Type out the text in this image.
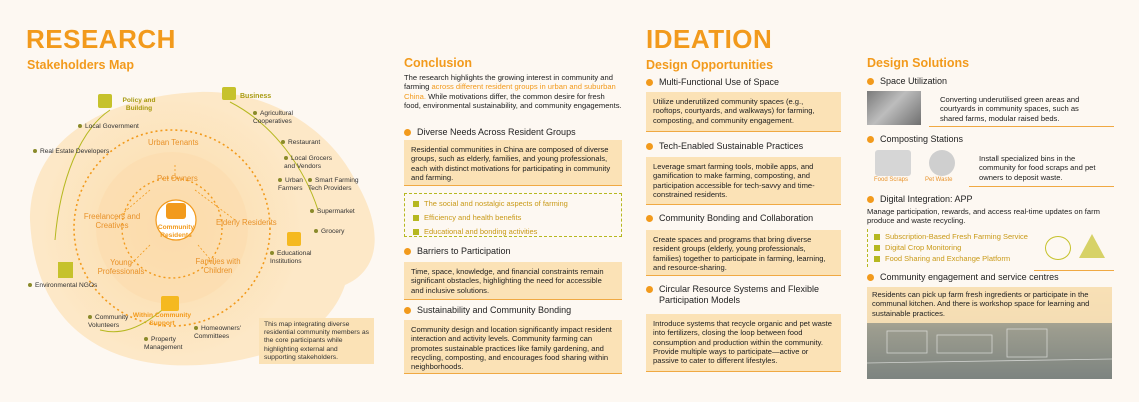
RESEARCH
Stakeholders Map
Policy and Building
Business
Within Community Support
Community Residents
Urban Tenants
Pet Owners
Freelancers and Creatives	Elderly Residents
Young Professionals
Families with Children
Local Government
Real Estate Developers
Agricultural Cooperatives
Restaurant
Local Grocers and Vendors
Urban Farmers
Smart Farming Tech Providers
Supermarket
Grocery
Educational Institutions
Environmental NGOs
Community Volunteers
Property Management
Homeowners' Committees
This map integrating diverse residential community members as the core participants while highlighting external and supporting stakeholders.
Conclusion
The research highlights the growing interest in community and farming across different resident groups in urban and suburban China. While motivations differ, the common desire for fresh food, environmental sustainability, and community engagements.
Diverse Needs Across Resident Groups
Residential communities in China are composed of diverse groups, such as elderly, families, and young professionals, each with distinct motivations for participating in community and farming.
The social and nostalgic aspects of farming
Efficiency and health benefits
Educational and bonding activities
Barriers to Participation
Time, space, knowledge, and financial constraints remain significant obstacles, highlighting the need for accessible and inclusive solutions.
Sustainability and Community Bonding
Community design and location significantly impact resident interaction and activity levels. Community farming can promotes sustainable practices like family gardening, and recycling, composting, and encourages food sharing within neighborhoods.
IDEATION
Design Opportunities
Multi-Functional Use of Space
Utilize underutilized community spaces (e.g., rooftops, courtyards, and walkways) for farming, composting, and community engagement.
Tech-Enabled Sustainable Practices
Leverage smart farming tools, mobile apps, and gamification to make farming, composting, and participation accessible for tech-savvy and time-constrained residents.
Community Bonding and Collaboration
Create spaces and programs that bring diverse resident groups (elderly, young professionals, families) together to participate in farming, learning, and resource-sharing.
Circular Resource Systems and Flexible Participation Models
Introduce systems that recycle organic and pet waste into fertilizers, closing the loop between food consumption and production within the community. Provide multiple ways to participate—active or passive to cater to different lifestyles.
Design Solutions
Space Utilization
Converting underutilised green areas and courtyards in community spaces, such as shared farms, modular raised beds.
Composting Stations
Food Scraps	Pet Waste
Install specialized bins in the community for food scraps and pet owners to deposit waste.
Digital Integration: APP
Manage participation, rewards, and access real-time updates on farm produce and waste recycling.
Subscription-Based Fresh Farming Service
Digital Crop Monitoring
Food Sharing and Exchange Platform
Community engagement and service centres
Residents can pick up farm fresh ingredients or participate in the communal kitchen. And there is workshop space for learning and sustainable practices.
